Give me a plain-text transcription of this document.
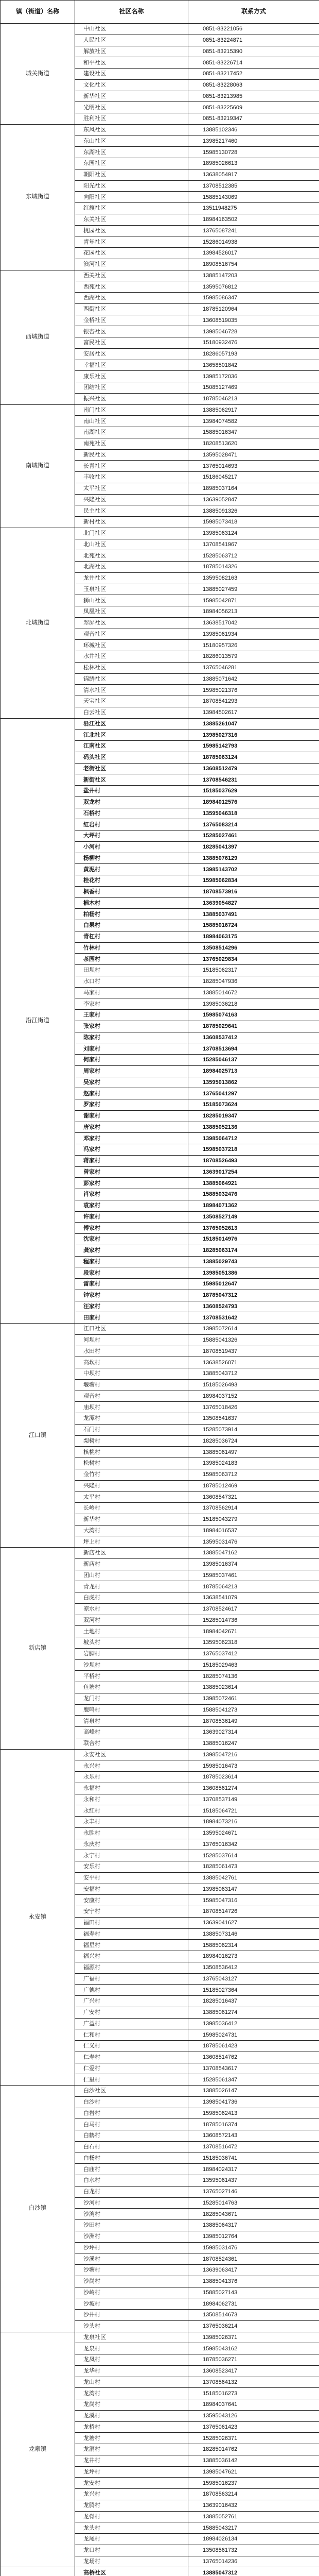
镇（街道）名称	社区名称	联系方式
城关街道	中山社区	0851-83221056
	人民社区	0851-83224871
	解放社区	0851-83215390
	和平社区	0851-83226714
	建设社区	0851-83217452
	文化社区	0851-83228063
	新华社区	0851-83213985
	光明社区	0851-83225609
	胜利社区	0851-83219347
东城街道	东风社区	13885102346
	东山社区	13985217460
	东湖社区	15985130728
	东园社区	18985026613
	朝阳社区	13638054917
	阳光社区	13708512385
	向阳社区	15885143069
	红旗社区	13511948275
	东关社区	18984163502
	桃园社区	13765087241
	青年社区	15286014938
	花园社区	13984526017
	滨河社区	18908516754
西城街道	西关社区	13885147203
	西苑社区	13595076812
	西湖社区	15985086347
	西街社区	18785120964
	金桥社区	13608519035
	银杏社区	13985046728
	富民社区	15180932476
	安居社区	18286057193
	幸福社区	13658501842
	康乐社区	13985172036
	团结社区	15085127469
	振兴社区	18785046213
南城街道	南门社区	13885062917
	南山社区	13984074582
	南湖社区	15885016347
	南苑社区	18208513620
	新民社区	13595028471
	长青社区	13765014693
	丰收社区	15186045217
	太平社区	18985037164
	兴隆社区	13639052847
	民主社区	13885091326
	新村社区	15985073418
北城街道	北门社区	13985063124
	北山社区	13708541967
	北苑社区	15285063712
	北湖社区	18785014326
	龙井社区	13595082163
	玉泉社区	13885027459
	狮山社区	15985042871
	凤凰社区	18984056213
	翠屏社区	13638517042
	观音社区	13985061934
	环城社区	15180957326
	水井社区	18286013579
	松林社区	13765046281
	锦绣社区	13885071642
	清水社区	15985021376
	天宝社区	18708541293
	白云社区	13984502617
沿江街道	沿江社区	13885261047
	江北社区	13985027316
	江南社区	15985142793
	码头社区	18785063124
	老街社区	13608512479
	新街社区	13708546231
	盐井村	15185037629
	双龙村	18984012576
	石桥村	13595046318
	红岩村	13765083214
	大坪村	15285027461
	小河村	18285041397
	杨柳村	13885076129
	黄泥村	13985143702
	桂花村	15985062834
	枫香村	18708573916
	楠木村	13639054827
	柏杨村	13885037491
	白果村	15885016724
	青杠村	18984063175
	竹林村	13508514296
	茶园村	13765029834
	田坝村	15185062317
	水口村	18285047936
	马家村	13885014672
	李家村	13985036218
	王家村	15985074163
	张家村	18785029641
	陈家村	13608537412
	刘家村	13708513694
	何家村	15285046137
	周家村	18984025713
	吴家村	13595013862
	赵家村	13765041297
	罗家村	15185073624
	谢家村	18285019347
	唐家村	13885052136
	邓家村	13985064712
	冯家村	15985037218
	蒋家村	18708526493
	曾家村	13639017254
	彭家村	13885064921
	肖家村	15885032476
	袁家村	18984071362
	许家村	13508527149
	傅家村	13765052613
	沈家村	15185014976
	龚家村	18285063174
	程家村	13885029743
	段家村	13985051386
	雷家村	15985012647
	钟家村	18785047312
	汪家村	13608524793
	田家村	13708531642
江口镇	江口社区	13985072614
	河坝村	15885041326
	水田村	18708519437
	高坎村	13638526071
	中坝村	13885043712
	堰塘村	15185026493
	观音村	18984037152
	庙坝村	13765018426
	龙潭村	13508541637
	石门村	15285073914
	梨树村	18285036724
	核桃村	13885061497
	松树村	13985024183
	金竹村	15985063712
	兴隆村	18785012469
	太平村	13608547321
	长岭村	13708562914
	新华村	15185043279
	大湾村	18984016537
	坪上村	13595031476
新店镇	新店社区	13885047162
	新店村	13985016374
	团山村	15985037461
	青龙村	18785064213
	白虎村	13638541079
	凉水村	13708524617
	双河村	15285014736
	土地村	18984042671
	坡头村	13595062318
	岩脚村	13765037412
	沙坝村	15185029463
	平桥村	18285074136
	鱼塘村	13885023614
	龙门村	13985072461
	鹿鸣村	15885041273
	清泉村	18708536149
	高峰村	13639027314
	联合村	13885016247
永安镇	永安社区	13985047216
	永兴村	15985016473
	永乐村	18785023614
	永福村	13608561274
	永和村	13708537149
	永红村	15185064721
	永丰村	18984073216
	永胜村	13595024671
	永庆村	13765016342
	永宁村	15285037614
	安乐村	18285061473
	安平村	13885042761
	安福村	13985063147
	安康村	15985047316
	安宁村	18708514726
	福田村	13639041627
	福寿村	13885073146
	福星村	15885062314
	福兴村	18984016273
	福源村	13508536412
	广福村	13765043127
	广德村	15185027364
	广兴村	18285016437
	广安村	13885061274
	广益村	13985036412
	仁和村	15985024731
	仁义村	18785061423
	仁寿村	13608514762
	仁爱村	13708543617
	仁里村	15285061347
白沙镇	白沙社区	13885026147
	白沙村	13985041736
	白岩村	15985062413
	白马村	18785016374
	白鹤村	13608572143
	白石村	13708516472
	白杨村	15185036741
	白庙村	18984024317
	白水村	13595061437
	白龙村	13765027146
	沙河村	15285014763
	沙湾村	18285043671
	沙田村	13885064317
	沙洲村	13985012764
	沙坪村	15985031476
	沙溪村	18708524361
	沙塘村	13639063417
	沙岗村	13885041376
	沙岭村	15885027143
	沙坡村	18984062731
	沙井村	13508514673
	沙头村	13765036214
龙泉镇	龙泉社区	13985026371
	龙泉村	15985043162
	龙凤村	18785036271
	龙华村	13608523417
	龙山村	13708564132
	龙湾村	15185016273
	龙岗村	18984037641
	龙溪村	13595043126
	龙桥村	13765061423
	龙塘村	15285026371
	龙洞村	18285014762
	龙井村	13885036142
	龙坪村	13985047621
	龙安村	15985016237
	龙兴村	18708563214
	龙腾村	13639016432
	龙脊村	13885052761
	龙头村	15885043217
	龙尾村	18984026134
	龙口村	13508561732
	龙场村	13765014236
	高桥社区	13885047312
